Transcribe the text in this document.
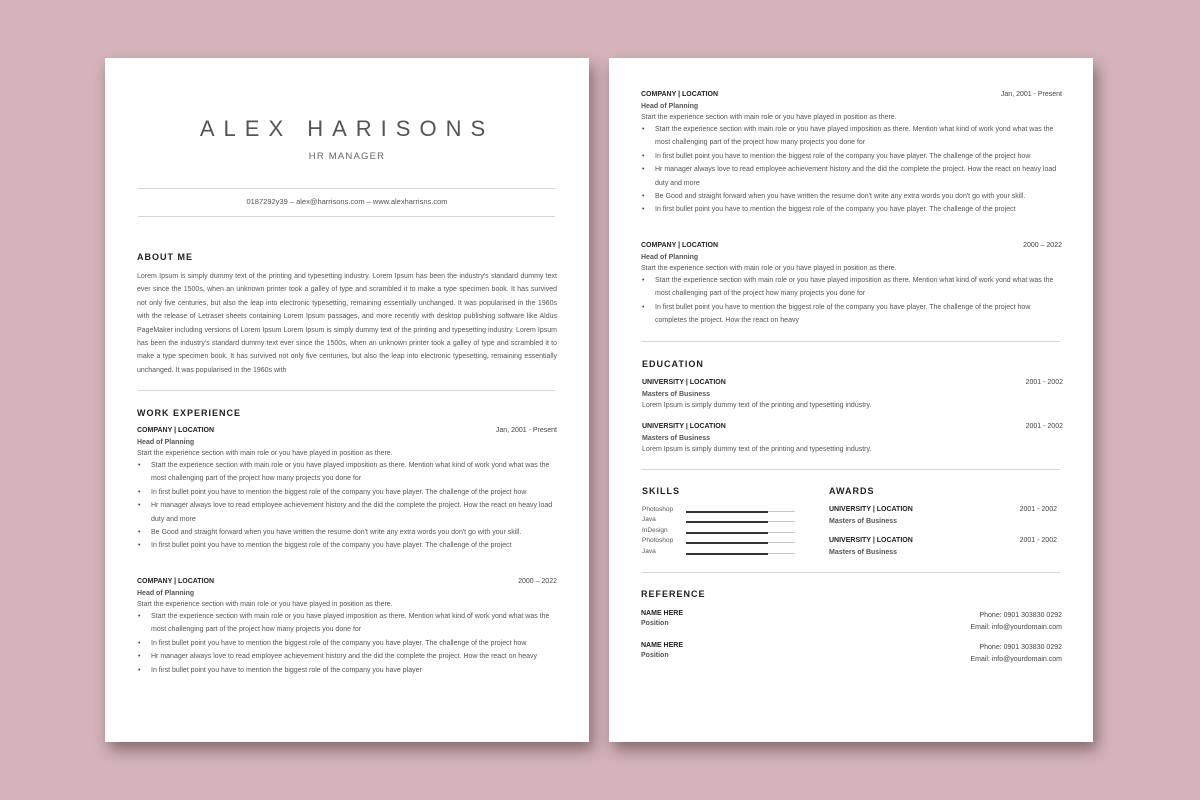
ALEX HARISONS
HR MANAGER
0187292y39 – alex@harrisons.com – www.alexharrisns.com
ABOUT ME
Lorem Ipsum is simply dummy text of the printing and typesetting industry. Lorem Ipsum has been the industry's standard dummy text ever since the 1500s, when an unknown printer took a galley of type and scrambled it to make a type specimen book. It has survived not only five centuries, but also the leap into electronic typesetting, remaining essentially unchanged. It was popularised in the 1960s with the release of Letraset sheets containing Lorem Ipsum passages, and more recently with desktop publishing software like Aldus PageMaker including versions of Lorem Ipsum Lorem Ipsum is simply dummy text of the printing and typesetting industry. Lorem Ipsum has been the industry's standard dummy text ever since the 1500s, when an unknown printer took a galley of type and scrambled it to make a type specimen book. It has survived not only five centuries, but also the leap into electronic typesetting, remaining essentially unchanged. It was popularised in the 1960s with
WORK EXPERIENCE
COMPANY | LOCATION	Jan, 2001 - Present
Head of Planning
Start the experience section with main role or you have played in position as there.
• Start the experience section with main role or you have played imposition as there. Mention what kind of work yond what was the most challenging part of the project how many projects you done for
• In first bullet point you have to mention the biggest role of the company you have player. The challenge of the project how
• Hr manager always love to read employee achievement history and the did the complete the project. How the react on heavy load duty and more
• Be Good and straight forward when you have written the resume don't write any extra words you don't go with your skill.
• In first bullet point you have to mention the biggest role of the company you have player. The challenge of the project
COMPANY | LOCATION	2000 – 2022
Head of Planning
Start the experience section with main role or you have played in position as there.
• Start the experience section with main role or you have played imposition as there. Mention what kind of work yond what was the most challenging part of the project how many projects you done for
• In first bullet point you have to mention the biggest role of the company you have player. The challenge of the project how
• Hr manager always love to read employee achievement history and the did the complete the project. How the react on heavy
• In first bullet point you have to mention the biggest role of the company you have player
COMPANY | LOCATION	Jan, 2001 - Present
Head of Planning
Start the experience section with main role or you have played in position as there.
• Start the experience section with main role or you have played imposition as there. Mention what kind of work yond what was the most challenging part of the project how many projects you done for
• In first bullet point you have to mention the biggest role of the company you have player. The challenge of the project how
• Hr manager always love to read employee achievement history and the did the complete the project. How the react on heavy load duty and more
• Be Good and straight forward when you have written the resume don't write any extra words you don't go with your skill.
• In first bullet point you have to mention the biggest role of the company you have player. The challenge of the project
COMPANY | LOCATION	2000 – 2022
Head of Planning
Start the experience section with main role or you have played in position as there.
• Start the experience section with main role or you have played imposition as there. Mention what kind of work yond what was the most challenging part of the project how many projects you done for
• In first bullet point you have to mention the biggest role of the company you have player. The challenge of the project how completes the project. How the react on heavy
EDUCATION
UNIVERSITY | LOCATION	2001 - 2002
Masters of Business
Lorem Ipsum is simply dummy text of the printing and typesetting industry.
UNIVERSITY | LOCATION	2001 - 2002
Masters of Business
Lorem Ipsum is simply dummy text of the printing and typesetting industry.
SKILLS
Photoshop
Java
InDesign
Photoshop
Java
AWARDS
UNIVERSITY | LOCATION	2001 - 2002
Masters of Business
UNIVERSITY | LOCATION	2001 - 2002
Masters of Business
REFERENCE
NAME HERE
Position
Phone: 0901 303830 0292
Email: info@yourdomain.com
NAME HERE
Position
Phone: 0901 303830 0292
Email: info@yourdomain.com
